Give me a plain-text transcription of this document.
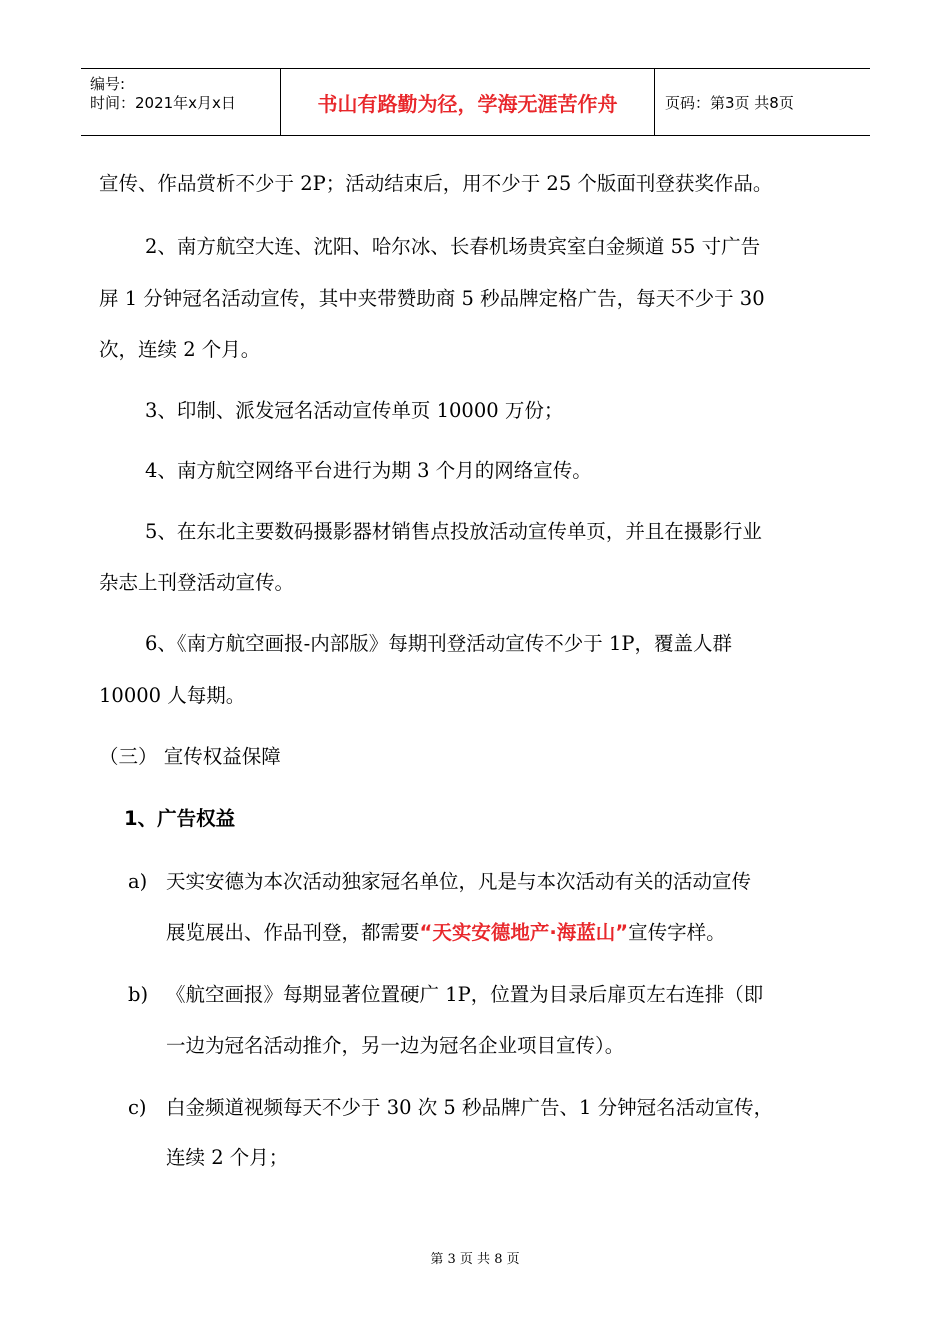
编号:
时间：2021年x月x日	书山有路勤为径，学海无涯苦作舟	页码：第3页 共8页
宣传、作品赏析不少于 2P；活动结束后，用不少于 25 个版面刊登获奖作品。
2、南方航空大连、沈阳、哈尔冰、长春机场贵宾室白金频道 55 寸广告
屏 1 分钟冠名活动宣传，其中夹带赞助商 5 秒品牌定格广告，每天不少于 30
次，连续 2 个月。
3、印制、派发冠名活动宣传单页 10000 万份；
4、南方航空网络平台进行为期 3 个月的网络宣传。
5、在东北主要数码摄影器材销售点投放活动宣传单页，并且在摄影行业
杂志上刊登活动宣传。
6、《南方航空画报-内部版》每期刊登活动宣传不少于 1P，覆盖人群
10000 人每期。
（三） 宣传权益保障
1、广告权益
a) 天实安德为本次活动独家冠名单位，凡是与本次活动有关的活动宣传
展览展出、作品刊登，都需要“天实安德地产·海蓝山”宣传字样。
b) 《航空画报》每期显著位置硬广 1P，位置为目录后扉页左右连排（即
一边为冠名活动推介，另一边为冠名企业项目宣传）。
c) 白金频道视频每天不少于 30 次 5 秒品牌广告、1 分钟冠名活动宣传，
连续 2 个月；
第 3 页 共 8 页
